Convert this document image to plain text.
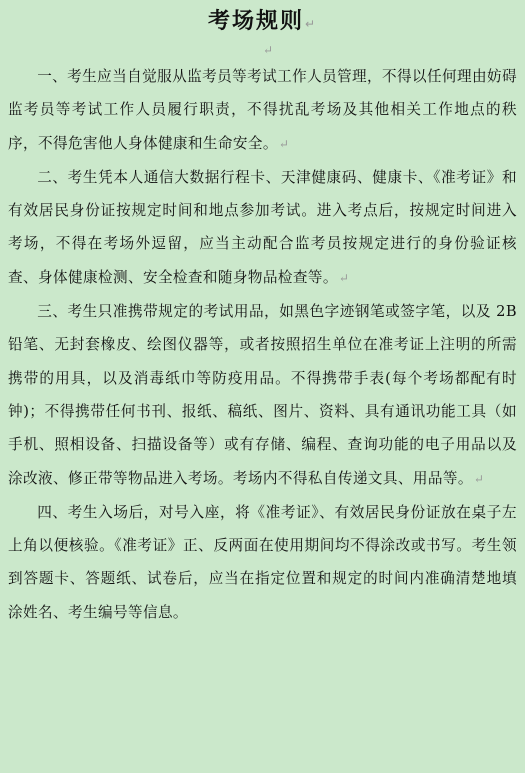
考场规则↵
↵

一、考生应当自觉服从监考员等考试工作人员管理，不得以任何理由妨碍监考员等考试工作人员履行职责，不得扰乱考场及其他相关工作地点的秩序，不得危害他人身体健康和生命安全。↵

二、考生凭本人通信大数据行程卡、天津健康码、健康卡、《准考证》和有效居民身份证按规定时间和地点参加考试。进入考点后，按规定时间进入考场，不得在考场外逗留，应当主动配合监考员按规定进行的身份验证核查、身体健康检测、安全检查和随身物品检查等。↵

三、考生只准携带规定的考试用品，如黑色字迹钢笔或签字笔，以及 2B 铅笔、无封套橡皮、绘图仪器等，或者按照招生单位在准考证上注明的所需携带的用具，以及消毒纸巾等防疫用品。不得携带手表(每个考场都配有时钟)；不得携带任何书刊、报纸、稿纸、图片、资料、具有通讯功能工具（如手机、照相设备、扫描设备等）或有存储、编程、查询功能的电子用品以及涂改液、修正带等物品进入考场。考场内不得私自传递文具、用品等。↵

四、考生入场后，对号入座，将《准考证》、有效居民身份证放在桌子左上角以便核验。《准考证》正、反两面在使用期间均不得涂改或书写。考生领到答题卡、答题纸、试卷后，应当在指定位置和规定的时间内准确清楚地填涂姓名、考生编号等信息。
